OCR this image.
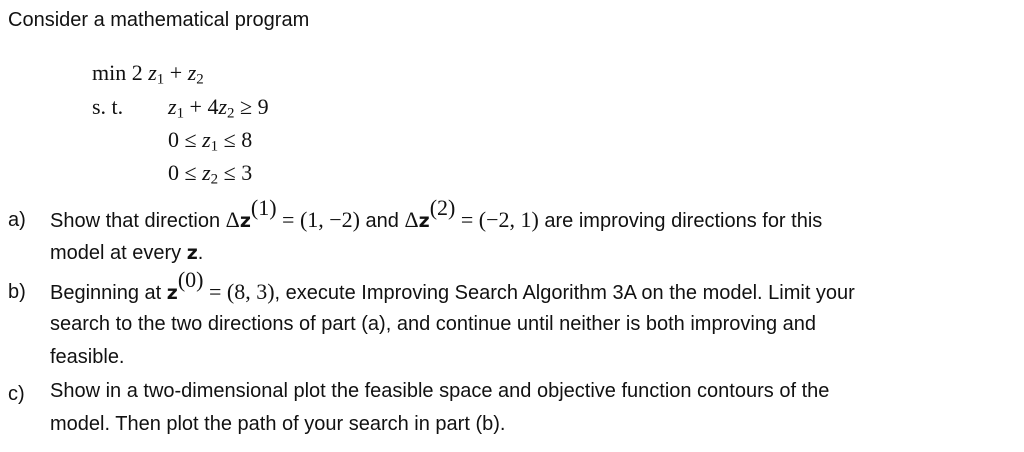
Consider a mathematical program
min 2 $z_1 + z_2$
s. t. $z_1 + 4z_2 \ge 9$
$0 \le z_1 \le 8$
$0 \le z_2 \le 3$
a) Show that direction $\Delta z^{(1)} = (1$, −2) and $\Delta z^{(2)} = (-2$, 1) are improving directions for this
model at every z.
b) Beginning at $z^{(0)} = (8$, 3), execute Improving Search Algorithm 3A on the model. Limit your
search to the two directions of part (a), and continue until neither is both improving and
feasible.
c) Show in a two-dimensional plot the feasible space and objective function contours of the
model. Then plot the path of your search in part (b).
